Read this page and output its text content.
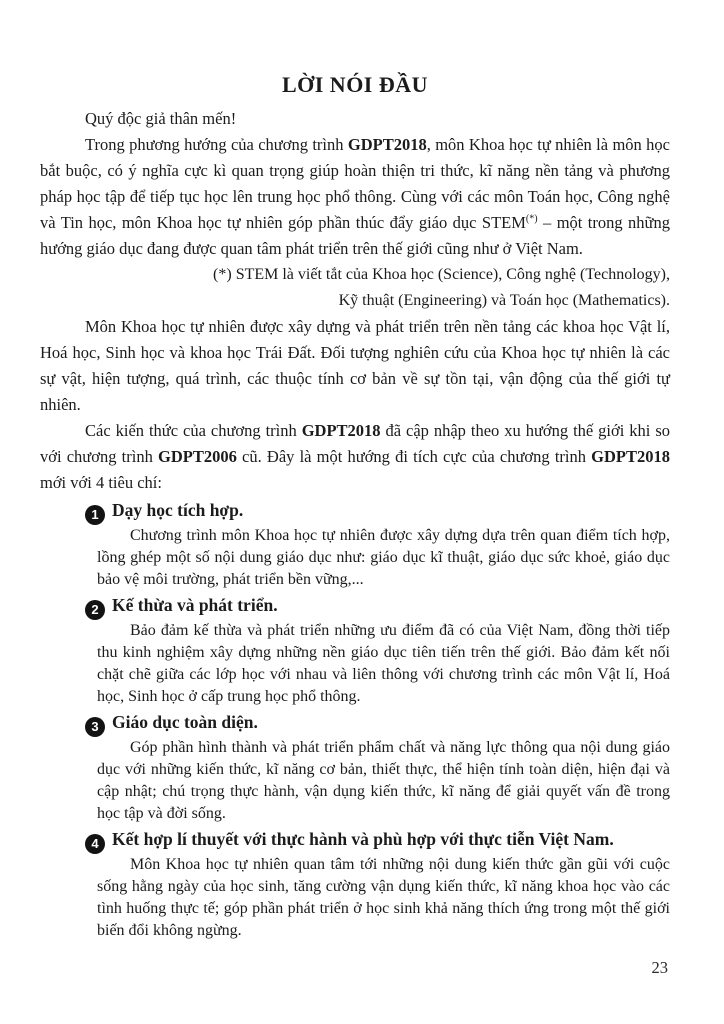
LỜI NÓI ĐẦU

Quý độc giả thân mến!

Trong phương hướng của chương trình GDPT2018, môn Khoa học tự nhiên là môn học bắt buộc, có ý nghĩa cực kì quan trọng giúp hoàn thiện tri thức, kĩ năng nền tảng và phương pháp học tập để tiếp tục học lên trung học phổ thông. Cùng với các môn Toán học, Công nghệ và Tin học, môn Khoa học tự nhiên góp phần thúc đẩy giáo dục STEM(*) – một trong những hướng giáo dục đang được quan tâm phát triển trên thế giới cũng như ở Việt Nam.

(*) STEM là viết tắt của Khoa học (Science), Công nghệ (Technology),
Kỹ thuật (Engineering) và Toán học (Mathematics).

Môn Khoa học tự nhiên được xây dựng và phát triển trên nền tảng các khoa học Vật lí, Hoá học, Sinh học và khoa học Trái Đất. Đối tượng nghiên cứu của Khoa học tự nhiên là các sự vật, hiện tượng, quá trình, các thuộc tính cơ bản về sự tồn tại, vận động của thế giới tự nhiên.

Các kiến thức của chương trình GDPT2018 đã cập nhập theo xu hướng thế giới khi so với chương trình GDPT2006 cũ. Đây là một hướng đi tích cực của chương trình GDPT2018 mới với 4 tiêu chí:

1 Dạy học tích hợp.

Chương trình môn Khoa học tự nhiên được xây dựng dựa trên quan điểm tích hợp, lồng ghép một số nội dung giáo dục như: giáo dục kĩ thuật, giáo dục sức khoẻ, giáo dục bảo vệ môi trường, phát triển bền vững,...

2 Kế thừa và phát triển.

Bảo đảm kế thừa và phát triển những ưu điểm đã có của Việt Nam, đồng thời tiếp thu kinh nghiệm xây dựng những nền giáo dục tiên tiến trên thế giới. Bảo đảm kết nối chặt chẽ giữa các lớp học với nhau và liên thông với chương trình các môn Vật lí, Hoá học, Sinh học ở cấp trung học phổ thông.

3 Giáo dục toàn diện.

Góp phần hình thành và phát triển phẩm chất và năng lực thông qua nội dung giáo dục với những kiến thức, kĩ năng cơ bản, thiết thực, thể hiện tính toàn diện, hiện đại và cập nhật; chú trọng thực hành, vận dụng kiến thức, kĩ năng để giải quyết vấn đề trong học tập và đời sống.

4 Kết hợp lí thuyết với thực hành và phù hợp với thực tiễn Việt Nam.

Môn Khoa học tự nhiên quan tâm tới những nội dung kiến thức gần gũi với cuộc sống hằng ngày của học sinh, tăng cường vận dụng kiến thức, kĩ năng khoa học vào các tình huống thực tế; góp phần phát triển ở học sinh khả năng thích ứng trong một thế giới biến đổi không ngừng.

23
